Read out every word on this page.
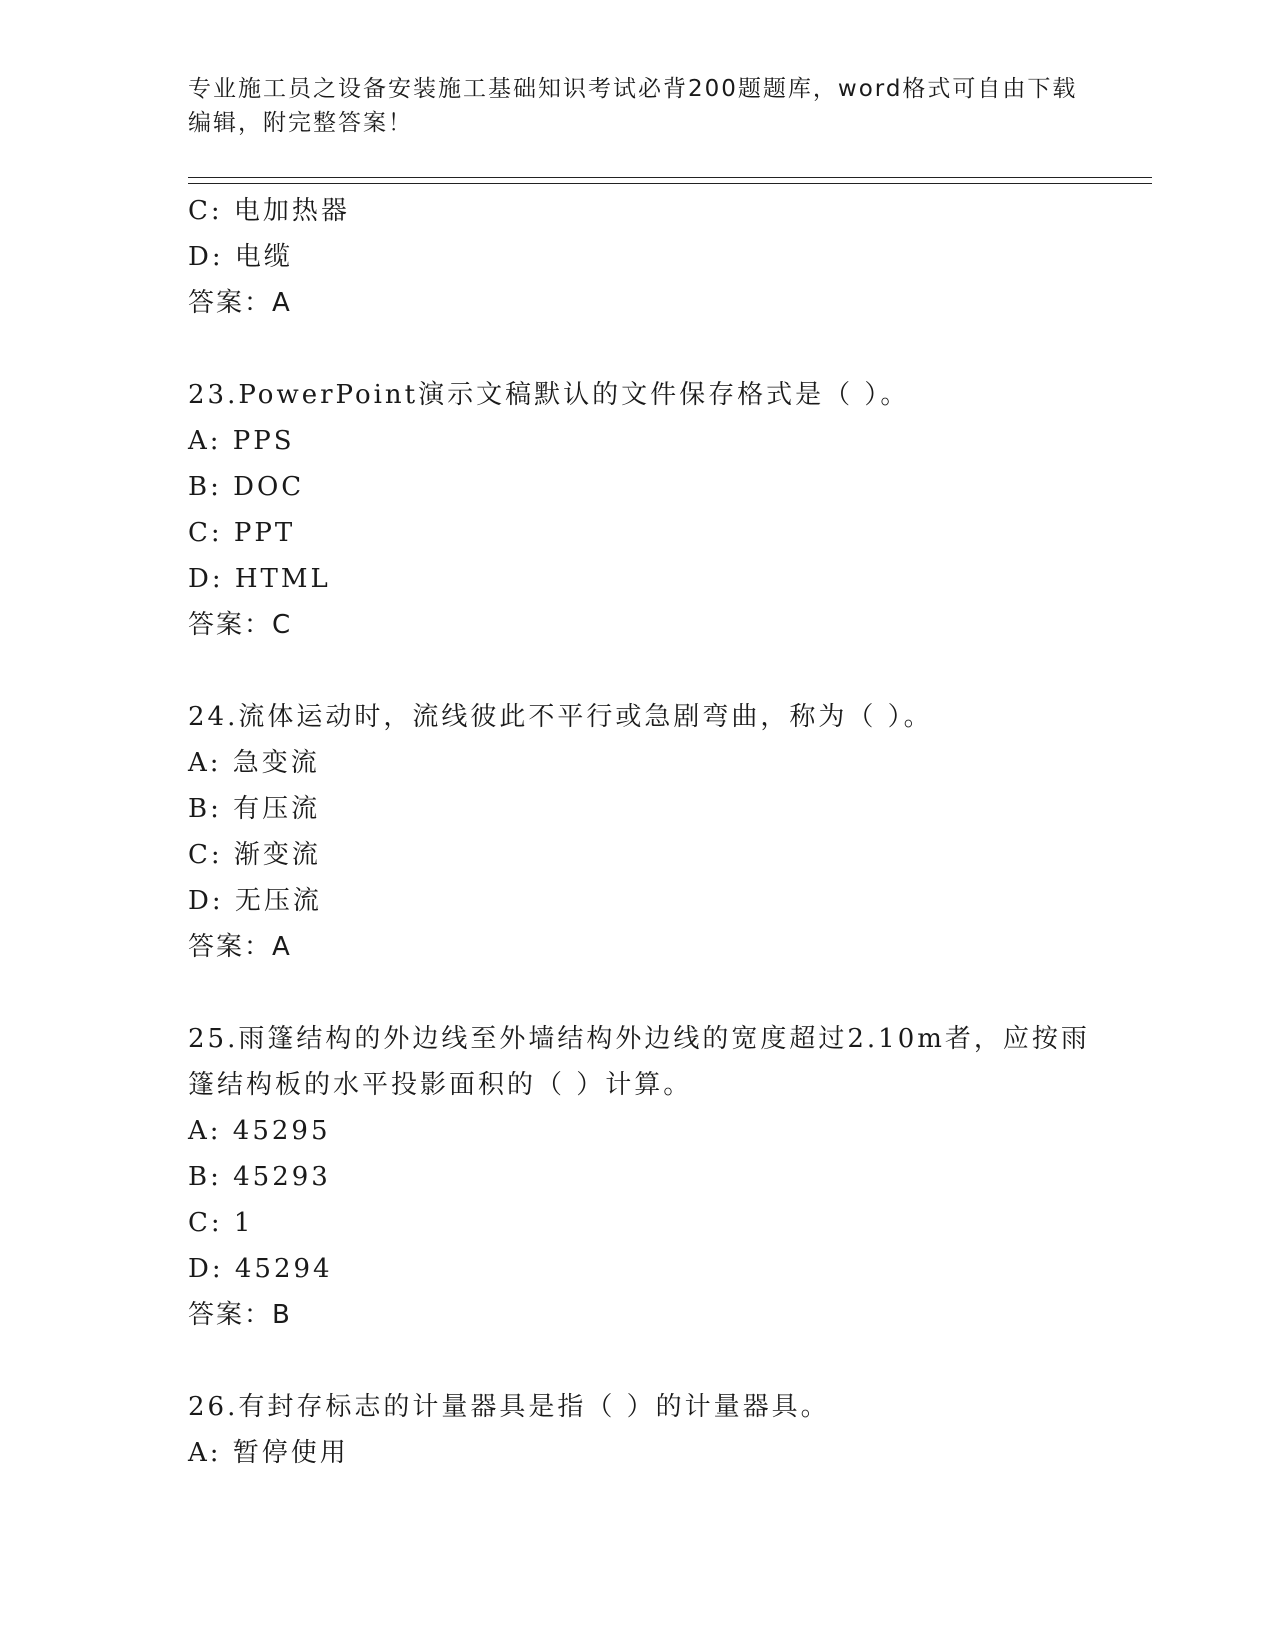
专业施工员之设备安装施工基础知识考试必背200题题库，word格式可自由下载
编辑，附完整答案！
C: 电加热器
D: 电缆
答案：A
23.PowerPoint演示文稿默认的文件保存格式是（ ）。
A: PPS
B: DOC
C: PPT
D: HTML
答案：C
24.流体运动时，流线彼此不平行或急剧弯曲，称为（ ）。
A: 急变流
B: 有压流
C: 渐变流
D: 无压流
答案：A
25.雨篷结构的外边线至外墙结构外边线的宽度超过2.10m者，应按雨
篷结构板的水平投影面积的（ ）计算。
A: 45295
B: 45293
C: 1
D: 45294
答案：B
26.有封存标志的计量器具是指（ ）的计量器具。
A: 暂停使用
